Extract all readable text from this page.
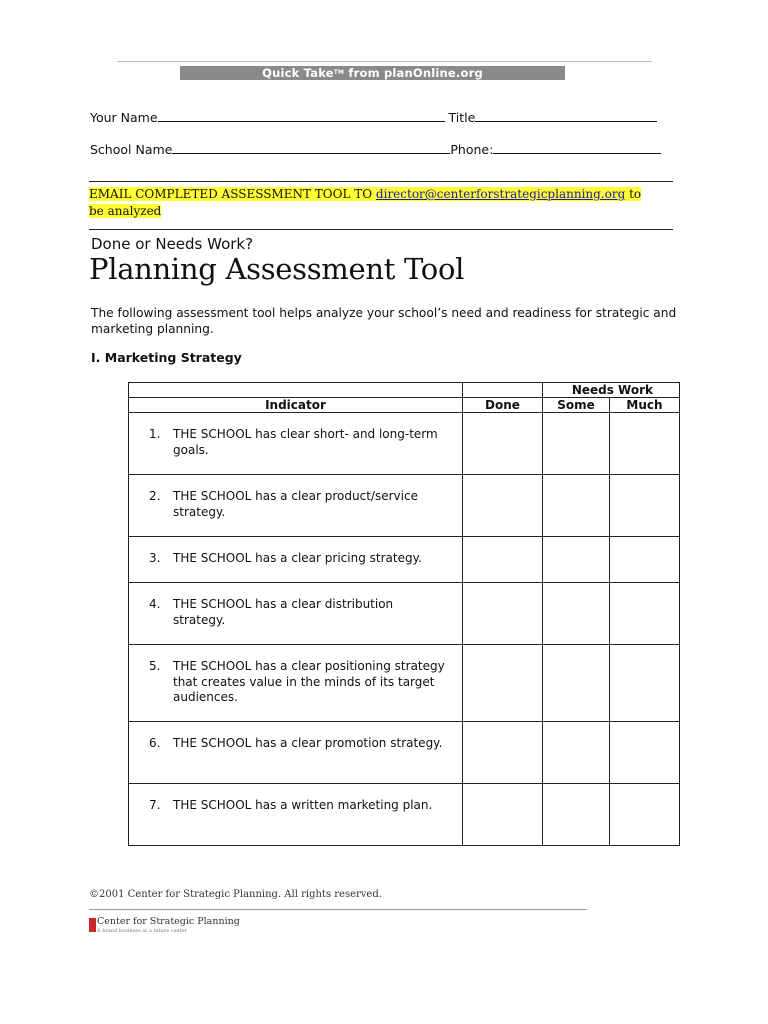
Quick Take™ from planOnline.org
Your Name	Title
School Name	Phone:
EMAIL COMPLETED ASSESSMENT TOOL TO director@centerforstrategicplanning.org to be analyzed
Done or Needs Work?
Planning Assessment Tool
The following assessment tool helps analyze your school’s need and readiness for strategic and marketing planning.
I. Marketing Strategy
		Needs Work	
Indicator	Done	Some	Much

1. THE SCHOOL has clear short- and long-term goals.			

2. THE SCHOOL has a clear product/service strategy.			

3. THE SCHOOL has a clear pricing strategy.			

4. THE SCHOOL has a clear distribution strategy.			

5. THE SCHOOL has a clear positioning strategy that creates value in the minds of its target audiences.			

6. THE SCHOOL has a clear promotion strategy.			

7. THE SCHOOL has a written marketing plan.			

©2001 Center for Strategic Planning. All rights reserved.
Center for Strategic Planning
A brand business at a future center
